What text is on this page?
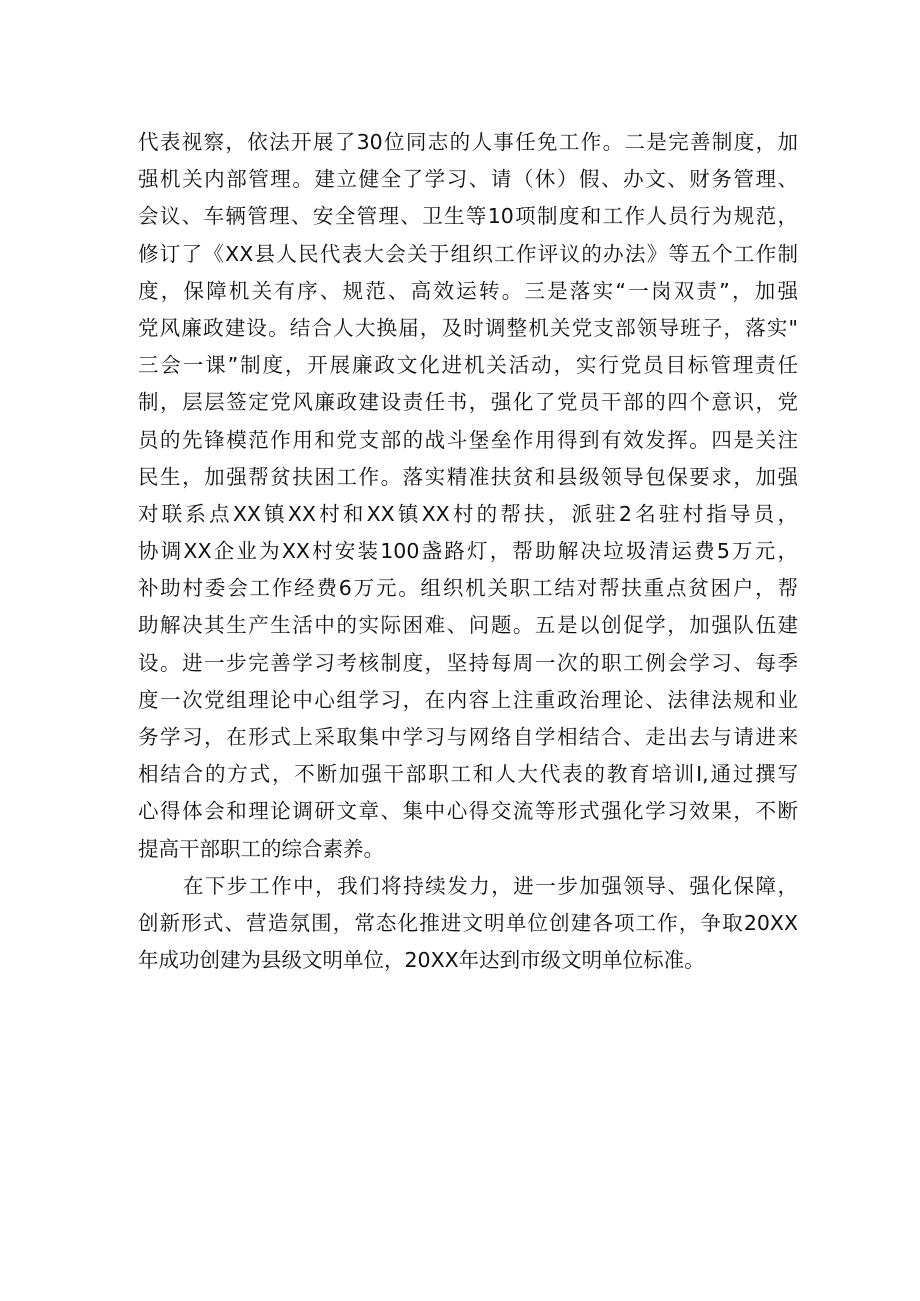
代表视察，依法开展了30位同志的人事任免工作。二是完善制度，加
强机关内部管理。建立健全了学习、请（休）假、办文、财务管理、
会议、车辆管理、安全管理、卫生等10项制度和工作人员行为规范，
修订了《XX县人民代表大会关于组织工作评议的办法》等五个工作制
度，保障机关有序、规范、高效运转。三是落实“一岗双责”，加强
党风廉政建设。结合人大换届，及时调整机关党支部领导班子，落实"
三会一课”制度，开展廉政文化进机关活动，实行党员目标管理责任
制，层层签定党风廉政建设责任书，强化了党员干部的四个意识，党
员的先锋模范作用和党支部的战斗堡垒作用得到有效发挥。四是关注
民生，加强帮贫扶困工作。落实精准扶贫和县级领导包保要求，加强
对联系点XX镇XX村和XX镇XX村的帮扶，派驻2名驻村指导员，
协调XX企业为XX村安装100盏路灯，帮助解决垃圾清运费5万元，
补助村委会工作经费6万元。组织机关职工结对帮扶重点贫困户，帮
助解决其生产生活中的实际困难、问题。五是以创促学，加强队伍建
设。进一步完善学习考核制度，坚持每周一次的职工例会学习、每季
度一次党组理论中心组学习，在内容上注重政治理论、法律法规和业
务学习，在形式上采取集中学习与网络自学相结合、走出去与请进来
相结合的方式，不断加强干部职工和人大代表的教育培训I,通过撰写
心得体会和理论调研文章、集中心得交流等形式强化学习效果，不断
提高干部职工的综合素养。
在下步工作中，我们将持续发力，进一步加强领导、强化保障，
创新形式、营造氛围，常态化推进文明单位创建各项工作，争取20XX
年成功创建为县级文明单位，20XX年达到市级文明单位标准。
